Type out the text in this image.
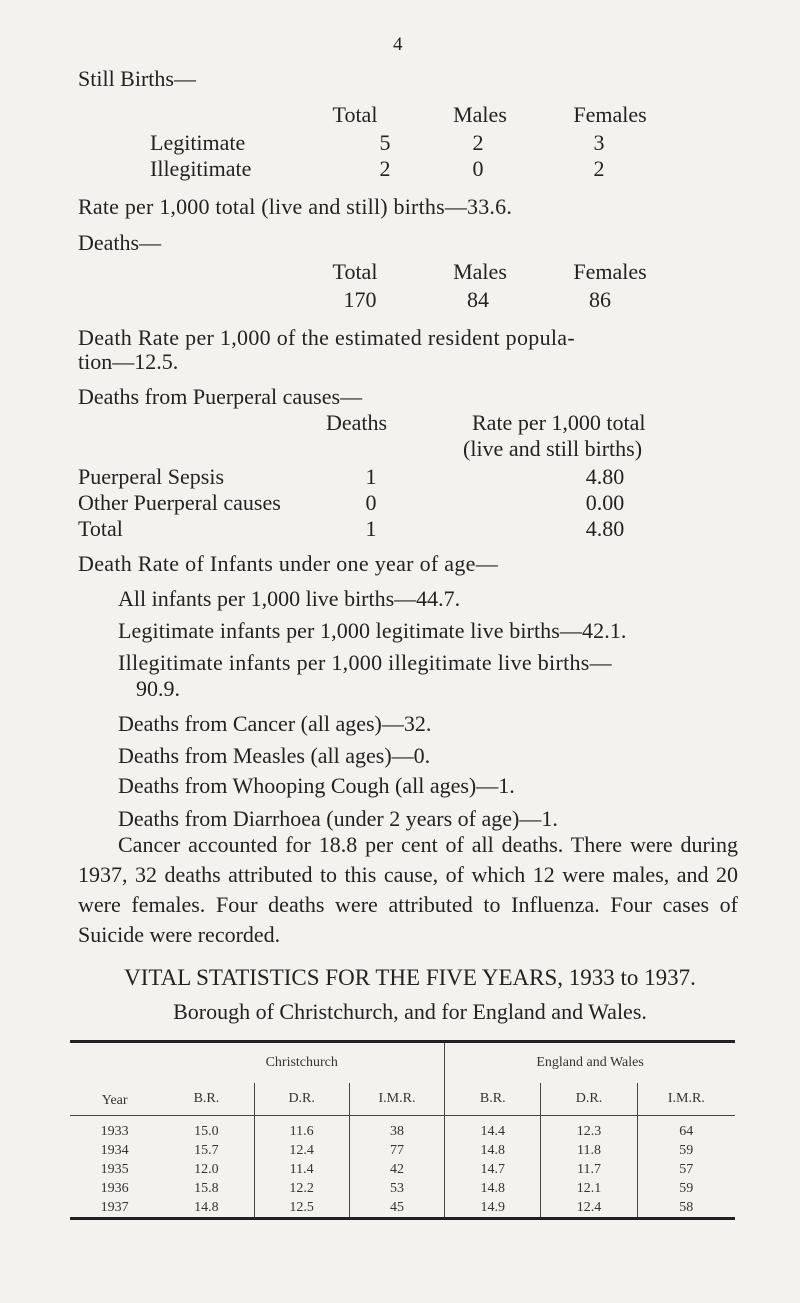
4
Still Births—
Total	Males	Females
Legitimate	5	2	3
Illegitimate	2	0	2
Rate per 1,000 total (live and still) births—33.6.
Deaths—
Total	Males	Females
170	84	86
Death Rate per 1,000 of the estimated resident popula-
tion—12.5.
Deaths from Puerperal causes—
Deaths	Rate per 1,000 total
(live and still births)
Puerperal Sepsis	1	4.80
Other Puerperal causes	0	0.00
Total	1	4.80
Death Rate of Infants under one year of age—
All infants per 1,000 live births—44.7.
Legitimate infants per 1,000 legitimate live births—42.1.
Illegitimate infants per 1,000 illegitimate live births—
90.9.
Deaths from Cancer (all ages)—32.
Deaths from Measles (all ages)—0.
Deaths from Whooping Cough (all ages)—1.
Deaths from Diarrhoea (under 2 years of age)—1.
Cancer accounted for 18.8 per cent of all deaths. There were during 1937, 32 deaths attributed to this cause, of which 12 were males, and 20 were females. Four deaths were attributed to Influenza. Four cases of Suicide were recorded.
VITAL STATISTICS FOR THE FIVE YEARS, 1933 to 1937.
Borough of Christchurch, and for England and Wales.
Year	Christchurch			England and Wales		
	B.R.	D.R.	I.M.R.	B.R.	D.R.	I.M.R.
1933	15.0	11.6	38	14.4	12.3	64
1934	15.7	12.4	77	14.8	11.8	59
1935	12.0	11.4	42	14.7	11.7	57
1936	15.8	12.2	53	14.8	12.1	59
1937	14.8	12.5	45	14.9	12.4	58
